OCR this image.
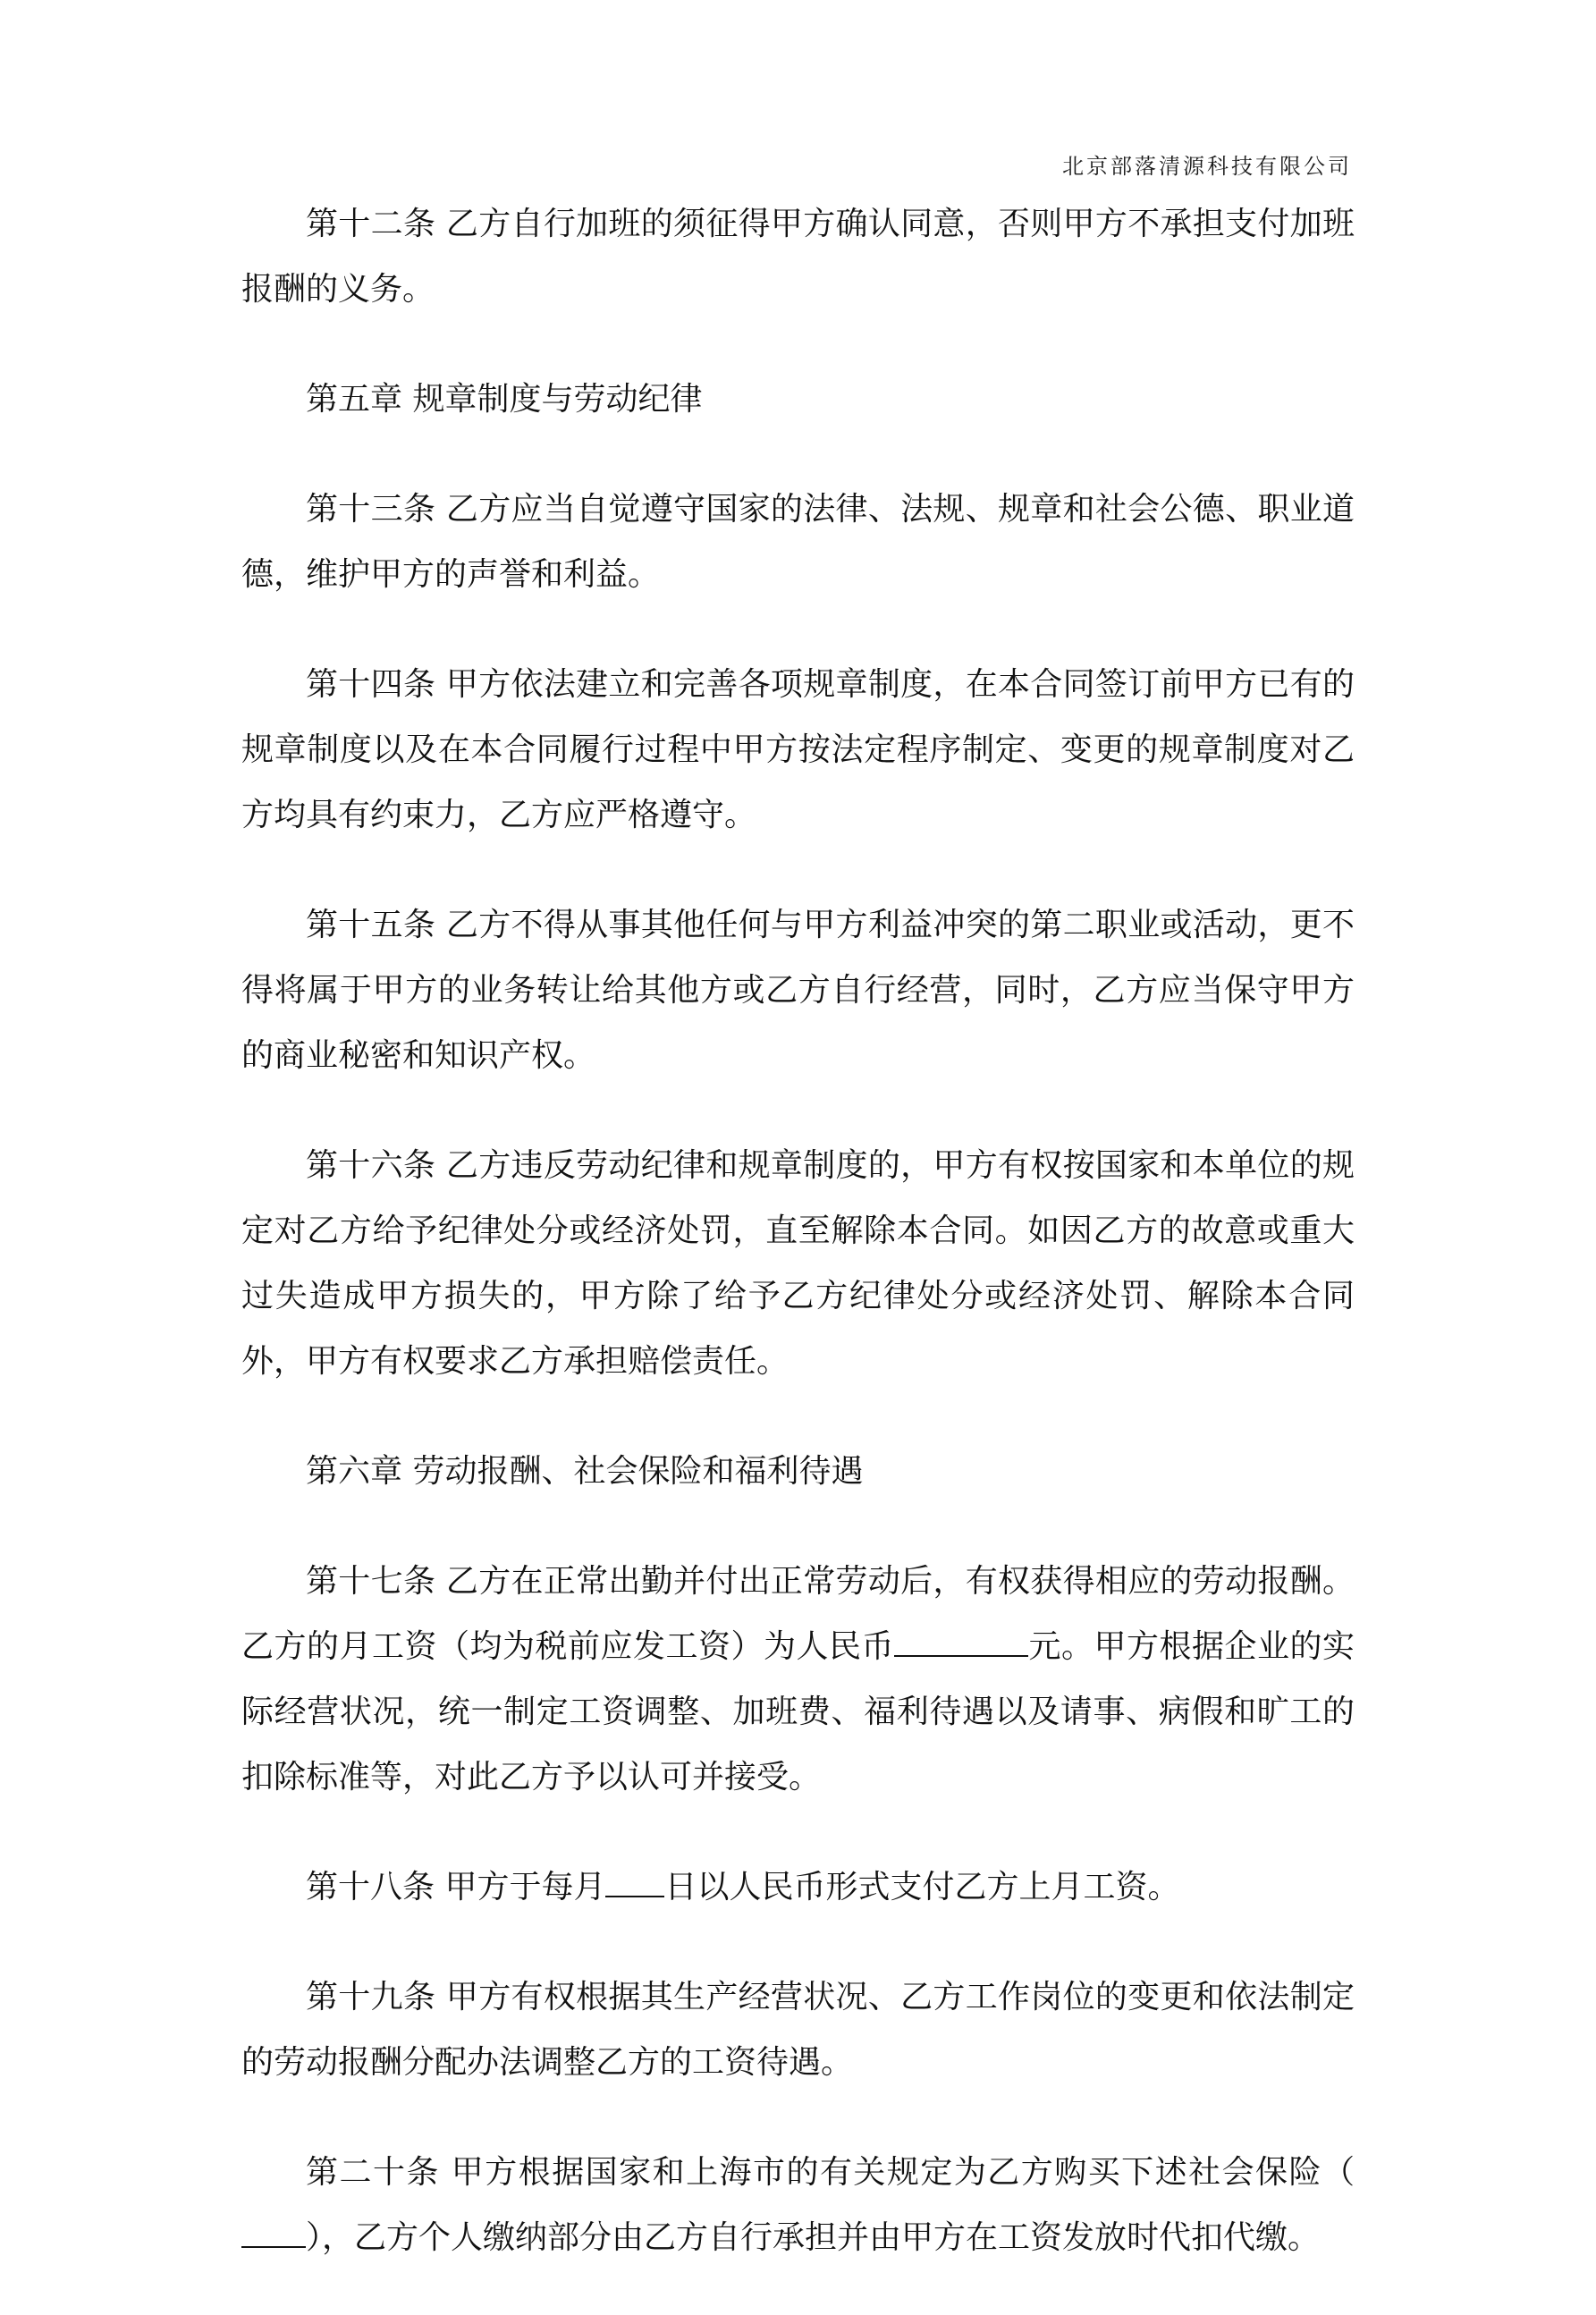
北京部落清源科技有限公司

第十二条 乙方自行加班的须征得甲方确认同意，否则甲方不承担支付加班报酬的义务。

第五章 规章制度与劳动纪律

第十三条 乙方应当自觉遵守国家的法律、法规、规章和社会公德、职业道德，维护甲方的声誉和利益。

第十四条 甲方依法建立和完善各项规章制度，在本合同签订前甲方已有的规章制度以及在本合同履行过程中甲方按法定程序制定、变更的规章制度对乙方均具有约束力，乙方应严格遵守。

第十五条 乙方不得从事其他任何与甲方利益冲突的第二职业或活动，更不得将属于甲方的业务转让给其他方或乙方自行经营，同时，乙方应当保守甲方的商业秘密和知识产权。

第十六条 乙方违反劳动纪律和规章制度的，甲方有权按国家和本单位的规定对乙方给予纪律处分或经济处罚，直至解除本合同。如因乙方的故意或重大过失造成甲方损失的，甲方除了给予乙方纪律处分或经济处罚、解除本合同外，甲方有权要求乙方承担赔偿责任。

第六章 劳动报酬、社会保险和福利待遇

第十七条 乙方在正常出勤并付出正常劳动后，有权获得相应的劳动报酬。乙方的月工资（均为税前应发工资）为人民币	元。甲方根据企业的实际经营状况，统一制定工资调整、加班费、福利待遇以及请事、病假和旷工的扣除标准等，对此乙方予以认可并接受。

第十八条 甲方于每月 日以人民币形式支付乙方上月工资。

第十九条 甲方有权根据其生产经营状况、乙方工作岗位的变更和依法制定的劳动报酬分配办法调整乙方的工资待遇。

第二十条 甲方根据国家和上海市的有关规定为乙方购买下述社会保险（），乙方个人缴纳部分由乙方自行承担并由甲方在工资发放时代扣代缴。
